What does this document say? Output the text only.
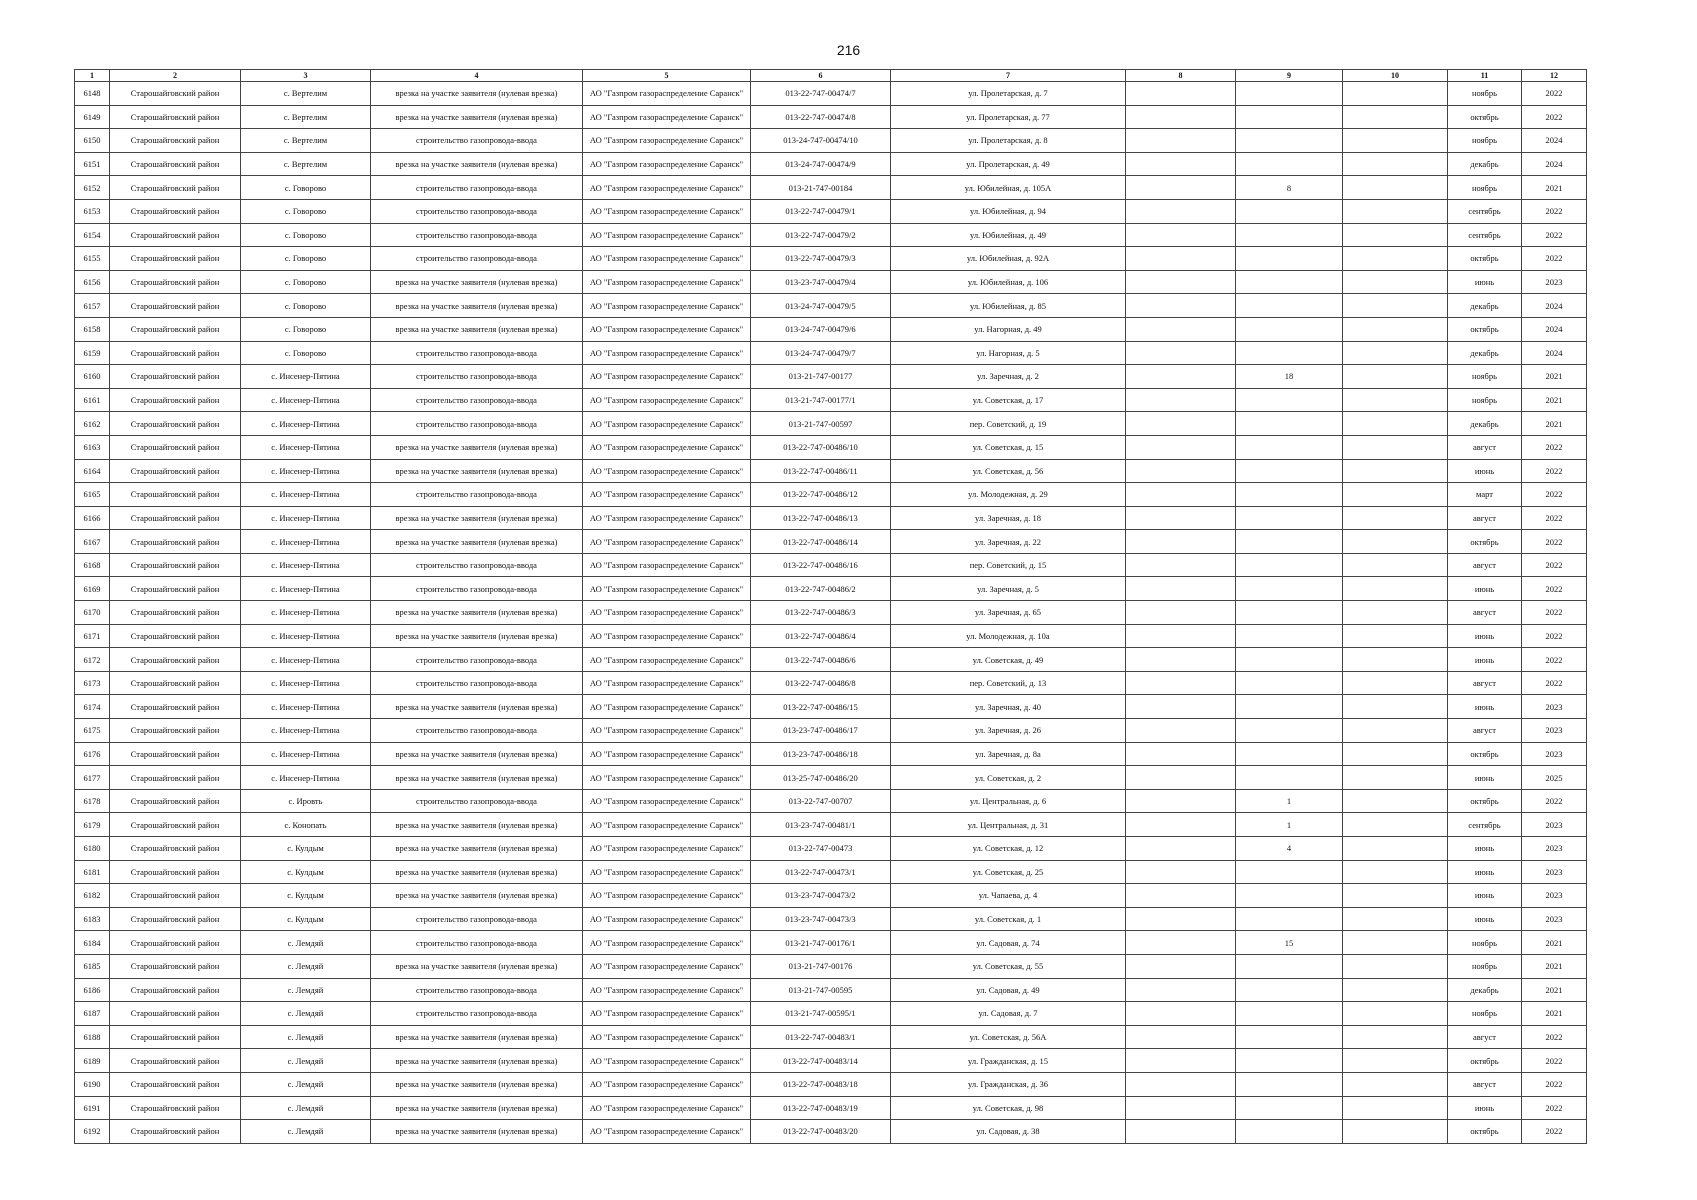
216
1	2	3	4	5	6	7	8	9	10	11	12
6148	Старошайговский район	с. Вертелим	врезка на участке заявителя (нулевая врезка)	АО "Газпром газораспределение Саранск"	013-22-747-00474/7	ул. Пролетарская, д. 7				ноябрь	2022
6149	Старошайговский район	с. Вертелим	врезка на участке заявителя (нулевая врезка)	АО "Газпром газораспределение Саранск"	013-22-747-00474/8	ул. Пролетарская, д. 77				октябрь	2022
6150	Старошайговский район	с. Вертелим	строительство газопровода-ввода	АО "Газпром газораспределение Саранск"	013-24-747-00474/10	ул. Пролетарская, д. 8				ноябрь	2024
6151	Старошайговский район	с. Вертелим	врезка на участке заявителя (нулевая врезка)	АО "Газпром газораспределение Саранск"	013-24-747-00474/9	ул. Пролетарская, д. 49				декабрь	2024
6152	Старошайговский район	с. Говорово	строительство газопровода-ввода	АО "Газпром газораспределение Саранск"	013-21-747-00184	ул. Юбилейная, д. 105А		8		ноябрь	2021
6153	Старошайговский район	с. Говорово	строительство газопровода-ввода	АО "Газпром газораспределение Саранск"	013-22-747-00479/1	ул. Юбилейная, д. 94				сентябрь	2022
6154	Старошайговский район	с. Говорово	строительство газопровода-ввода	АО "Газпром газораспределение Саранск"	013-22-747-00479/2	ул. Юбилейная, д. 49				сентябрь	2022
6155	Старошайговский район	с. Говорово	строительство газопровода-ввода	АО "Газпром газораспределение Саранск"	013-22-747-00479/3	ул. Юбилейная, д. 92А				октябрь	2022
6156	Старошайговский район	с. Говорово	врезка на участке заявителя (нулевая врезка)	АО "Газпром газораспределение Саранск"	013-23-747-00479/4	ул. Юбилейная, д. 106				июнь	2023
6157	Старошайговский район	с. Говорово	врезка на участке заявителя (нулевая врезка)	АО "Газпром газораспределение Саранск"	013-24-747-00479/5	ул. Юбилейная, д. 85				декабрь	2024
6158	Старошайговский район	с. Говорово	врезка на участке заявителя (нулевая врезка)	АО "Газпром газораспределение Саранск"	013-24-747-00479/6	ул. Нагорная, д. 49				октябрь	2024
6159	Старошайговский район	с. Говорово	строительство газопровода-ввода	АО "Газпром газораспределение Саранск"	013-24-747-00479/7	ул. Нагорная, д. 5				декабрь	2024
6160	Старошайговский район	с. Инсенер-Пятина	строительство газопровода-ввода	АО "Газпром газораспределение Саранск"	013-21-747-00177	ул. Заречная, д. 2		18		ноябрь	2021
6161	Старошайговский район	с. Инсенер-Пятина	строительство газопровода-ввода	АО "Газпром газораспределение Саранск"	013-21-747-00177/1	ул. Советская, д. 17				ноябрь	2021
6162	Старошайговский район	с. Инсенер-Пятина	строительство газопровода-ввода	АО "Газпром газораспределение Саранск"	013-21-747-00597	пер. Советский, д. 19				декабрь	2021
6163	Старошайговский район	с. Инсенер-Пятина	врезка на участке заявителя (нулевая врезка)	АО "Газпром газораспределение Саранск"	013-22-747-00486/10	ул. Советская, д. 15				август	2022
6164	Старошайговский район	с. Инсенер-Пятина	врезка на участке заявителя (нулевая врезка)	АО "Газпром газораспределение Саранск"	013-22-747-00486/11	ул. Советская, д. 56				июнь	2022
6165	Старошайговский район	с. Инсенер-Пятина	строительство газопровода-ввода	АО "Газпром газораспределение Саранск"	013-22-747-00486/12	ул. Молодежная, д. 29				март	2022
6166	Старошайговский район	с. Инсенер-Пятина	врезка на участке заявителя (нулевая врезка)	АО "Газпром газораспределение Саранск"	013-22-747-00486/13	ул. Заречная, д. 18				август	2022
6167	Старошайговский район	с. Инсенер-Пятина	врезка на участке заявителя (нулевая врезка)	АО "Газпром газораспределение Саранск"	013-22-747-00486/14	ул. Заречная, д. 22				октябрь	2022
6168	Старошайговский район	с. Инсенер-Пятина	строительство газопровода-ввода	АО "Газпром газораспределение Саранск"	013-22-747-00486/16	пер. Советский, д. 15				август	2022
6169	Старошайговский район	с. Инсенер-Пятина	строительство газопровода-ввода	АО "Газпром газораспределение Саранск"	013-22-747-00486/2	ул. Заречная, д. 5				июнь	2022
6170	Старошайговский район	с. Инсенер-Пятина	врезка на участке заявителя (нулевая врезка)	АО "Газпром газораспределение Саранск"	013-22-747-00486/3	ул. Заречная, д. 65				август	2022
6171	Старошайговский район	с. Инсенер-Пятина	врезка на участке заявителя (нулевая врезка)	АО "Газпром газораспределение Саранск"	013-22-747-00486/4	ул. Молодежная, д. 10а				июнь	2022
6172	Старошайговский район	с. Инсенер-Пятина	строительство газопровода-ввода	АО "Газпром газораспределение Саранск"	013-22-747-00486/6	ул. Советская, д. 49				июнь	2022
6173	Старошайговский район	с. Инсенер-Пятина	строительство газопровода-ввода	АО "Газпром газораспределение Саранск"	013-22-747-00486/8	пер. Советский, д. 13				август	2022
6174	Старошайговский район	с. Инсенер-Пятина	врезка на участке заявителя (нулевая врезка)	АО "Газпром газораспределение Саранск"	013-22-747-00486/15	ул. Заречная, д. 40				июнь	2023
6175	Старошайговский район	с. Инсенер-Пятина	строительство газопровода-ввода	АО "Газпром газораспределение Саранск"	013-23-747-00486/17	ул. Заречная, д. 26				август	2023
6176	Старошайговский район	с. Инсенер-Пятина	врезка на участке заявителя (нулевая врезка)	АО "Газпром газораспределение Саранск"	013-23-747-00486/18	ул. Заречная, д. 8а				октябрь	2023
6177	Старошайговский район	с. Инсенер-Пятина	врезка на участке заявителя (нулевая врезка)	АО "Газпром газораспределение Саранск"	013-25-747-00486/20	ул. Советская, д. 2				июнь	2025
6178	Старошайговский район	с. Ировть	строительство газопровода-ввода	АО "Газпром газораспределение Саранск"	013-22-747-00707	ул. Центральная, д. 6		1		октябрь	2022
6179	Старошайговский район	с. Конопать	врезка на участке заявителя (нулевая врезка)	АО "Газпром газораспределение Саранск"	013-23-747-00481/1	ул. Центральная, д. 31		1		сентябрь	2023
6180	Старошайговский район	с. Кулдым	врезка на участке заявителя (нулевая врезка)	АО "Газпром газораспределение Саранск"	013-22-747-00473	ул. Советская, д. 12		4		июнь	2023
6181	Старошайговский район	с. Кулдым	врезка на участке заявителя (нулевая врезка)	АО "Газпром газораспределение Саранск"	013-22-747-00473/1	ул. Советская, д. 25				июнь	2023
6182	Старошайговский район	с. Кулдым	врезка на участке заявителя (нулевая врезка)	АО "Газпром газораспределение Саранск"	013-23-747-00473/2	ул. Чапаева, д. 4				июнь	2023
6183	Старошайговский район	с. Кулдым	строительство газопровода-ввода	АО "Газпром газораспределение Саранск"	013-23-747-00473/3	ул. Советская, д. 1				июнь	2023
6184	Старошайговский район	с. Лемдяй	строительство газопровода-ввода	АО "Газпром газораспределение Саранск"	013-21-747-00176/1	ул. Садовая, д. 74		15		ноябрь	2021
6185	Старошайговский район	с. Лемдяй	врезка на участке заявителя (нулевая врезка)	АО "Газпром газораспределение Саранск"	013-21-747-00176	ул. Советская, д. 55				ноябрь	2021
6186	Старошайговский район	с. Лемдяй	строительство газопровода-ввода	АО "Газпром газораспределение Саранск"	013-21-747-00595	ул. Садовая, д. 49				декабрь	2021
6187	Старошайговский район	с. Лемдяй	строительство газопровода-ввода	АО "Газпром газораспределение Саранск"	013-21-747-00595/1	ул. Садовая, д. 7				ноябрь	2021
6188	Старошайговский район	с. Лемдяй	врезка на участке заявителя (нулевая врезка)	АО "Газпром газораспределение Саранск"	013-22-747-00483/1	ул. Советская, д. 56А				август	2022
6189	Старошайговский район	с. Лемдяй	врезка на участке заявителя (нулевая врезка)	АО "Газпром газораспределение Саранск"	013-22-747-00483/14	ул. Гражданская, д. 15				октябрь	2022
6190	Старошайговский район	с. Лемдяй	врезка на участке заявителя (нулевая врезка)	АО "Газпром газораспределение Саранск"	013-22-747-00483/18	ул. Гражданская, д. 36				август	2022
6191	Старошайговский район	с. Лемдяй	врезка на участке заявителя (нулевая врезка)	АО "Газпром газораспределение Саранск"	013-22-747-00483/19	ул. Советская, д. 98				июнь	2022
6192	Старошайговский район	с. Лемдяй	врезка на участке заявителя (нулевая врезка)	АО "Газпром газораспределение Саранск"	013-22-747-00483/20	ул. Садовая, д. 38				октябрь	2022
